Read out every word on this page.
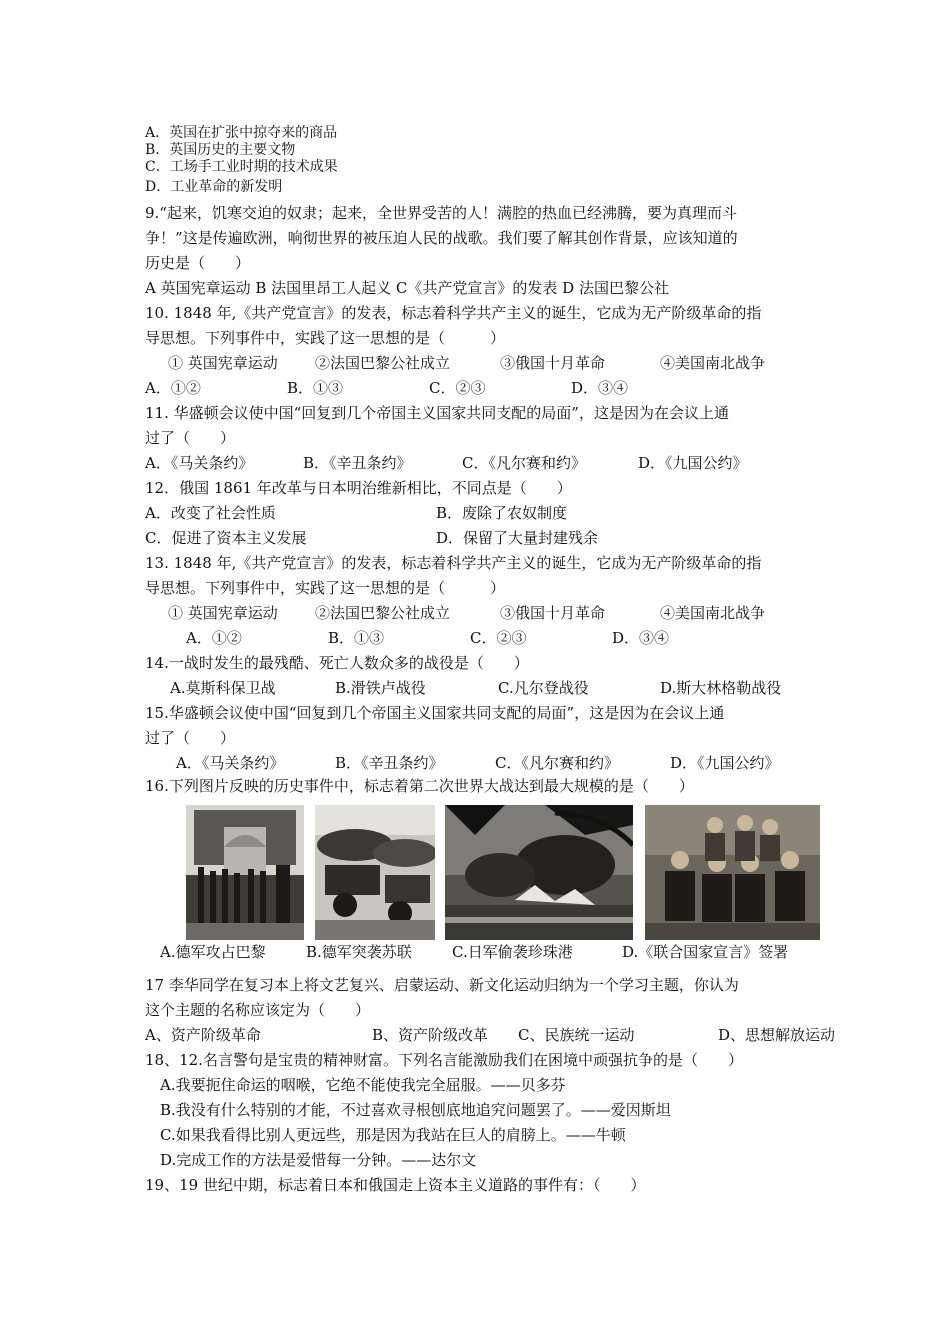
A．英国在扩张中掠夺来的商品
B．英国历史的主要文物
C．工场手工业时期的技术成果
D．工业革命的新发明
9.“起来，饥寒交迫的奴隶；起来，全世界受苦的人！满腔的热血已经沸腾，要为真理而斗
争！”这是传遍欧洲，响彻世界的被压迫人民的战歌。我们要了解其创作背景，应该知道的
历史是（　　）
A 英国宪章运动 B 法国里昂工人起义 C《共产党宣言》的发表 D 法国巴黎公社
10. 1848 年,《共产党宣言》的发表，标志着科学共产主义的诞生，它成为无产阶级革命的指
导思想。下列事件中，实践了这一思想的是（　　　）
① 英国宪章运动 ②法国巴黎公社成立	③俄国十月革命	④美国南北战争
A．①②	B．①③	C．②③	D．③④
11. 华盛顿会议使中国“回复到几个帝国主义国家共同支配的局面”，这是因为在会议上通
过了（　　）
A．《马关条约》	B．《辛丑条约》	C．《凡尔赛和约》	D．《九国公约》
12．俄国 1861 年改革与日本明治维新相比，不同点是（　　）
A．改变了社会性质	B．废除了农奴制度
C．促进了资本主义发展	D．保留了大量封建残余
13. 1848 年,《共产党宣言》的发表，标志着科学共产主义的诞生，它成为无产阶级革命的指
导思想。下列事件中，实践了这一思想的是（　　　）
① 英国宪章运动 ②法国巴黎公社成立	③俄国十月革命	④美国南北战争
A．①②	B．①③	C．②③	D．③④
14.一战时发生的最残酷、死亡人数众多的战役是（　　）
A.莫斯科保卫战	B.滑铁卢战役	C.凡尔登战役	D.斯大林格勒战役
15.华盛顿会议使中国“回复到几个帝国主义国家共同支配的局面”，这是因为在会议上通
过了（　　）
A．《马关条约》	B．《辛丑条约》	C．《凡尔赛和约》	D．《九国公约》
16.下列图片反映的历史事件中，标志着第二次世界大战达到最大规模的是（　　）
A.德军攻占巴黎	B.德军突袭苏联	C.日军偷袭珍珠港	D.《联合国家宣言》签署
17 李华同学在复习本上将文艺复兴、启蒙运动、新文化运动归纳为一个学习主题，你认为
这个主题的名称应该定为（　　）
A、资产阶级革命	B、资产阶级改革 C、民族统一运动	D、思想解放运动
18、12.名言警句是宝贵的精神财富。下列名言能激励我们在困境中顽强抗争的是（　　）
A.我要扼住命运的咽喉，它绝不能使我完全屈服。——贝多芬
B.我没有什么特别的才能，不过喜欢寻根刨底地追究问题罢了。——爱因斯坦
C.如果我看得比别人更远些，那是因为我站在巨人的肩膀上。——牛顿
D.完成工作的方法是爱惜每一分钟。——达尔文
19、19 世纪中期，标志着日本和俄国走上资本主义道路的事件有：（　　）
